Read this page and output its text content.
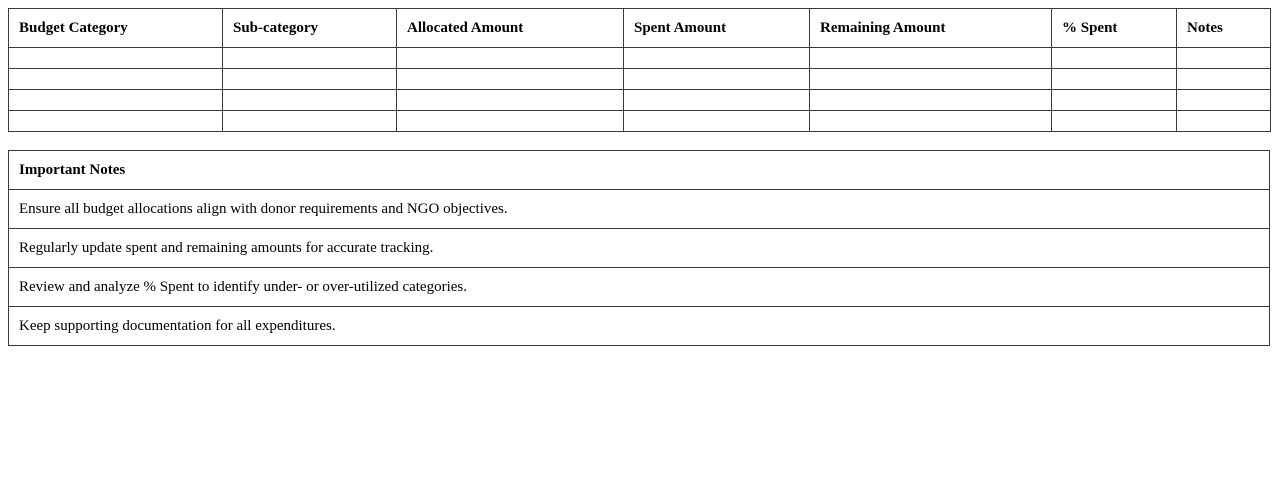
Budget Category	Sub-category	Allocated Amount	Spent Amount	Remaining Amount	% Spent	Notes

Important Notes
Ensure all budget allocations align with donor requirements and NGO objectives.
Regularly update spent and remaining amounts for accurate tracking.
Review and analyze % Spent to identify under- or over-utilized categories.
Keep supporting documentation for all expenditures.
